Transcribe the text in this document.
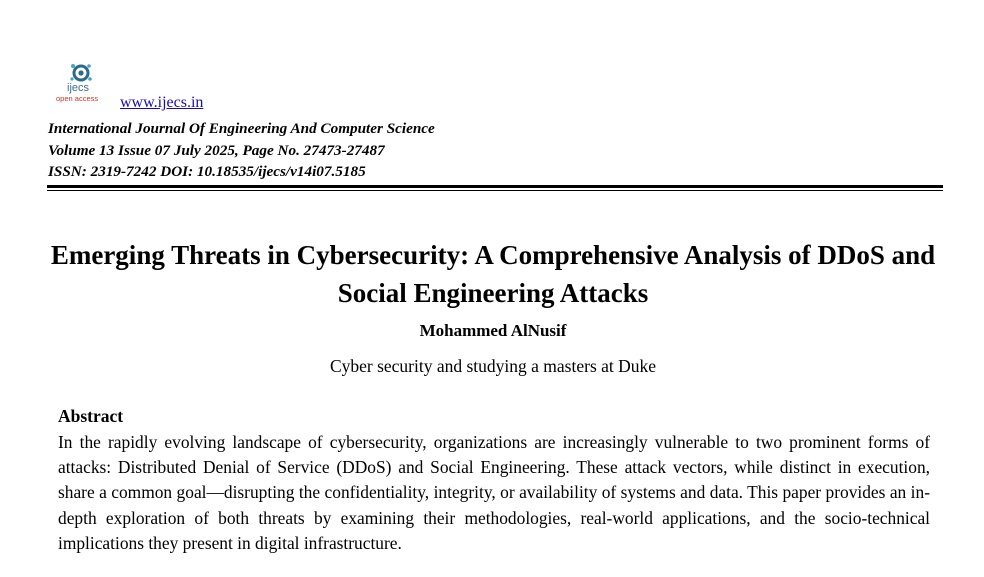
ijecs
open access www.ijecs.in
International Journal Of Engineering And Computer Science
Volume 13 Issue 07 July 2025, Page No. 27473-27487
ISSN: 2319-7242 DOI: 10.18535/ijecs/v14i07.5185
Emerging Threats in Cybersecurity: A Comprehensive Analysis of DDoS and Social Engineering Attacks
Mohammed AlNusif
Cyber security and studying a masters at Duke
Abstract
In the rapidly evolving landscape of cybersecurity, organizations are increasingly vulnerable to two prominent forms of attacks: Distributed Denial of Service (DDoS) and Social Engineering. These attack vectors, while distinct in execution, share a common goal—disrupting the confidentiality, integrity, or availability of systems and data. This paper provides an in-depth exploration of both threats by examining their methodologies, real-world applications, and the socio-technical implications they present in digital infrastructure.
